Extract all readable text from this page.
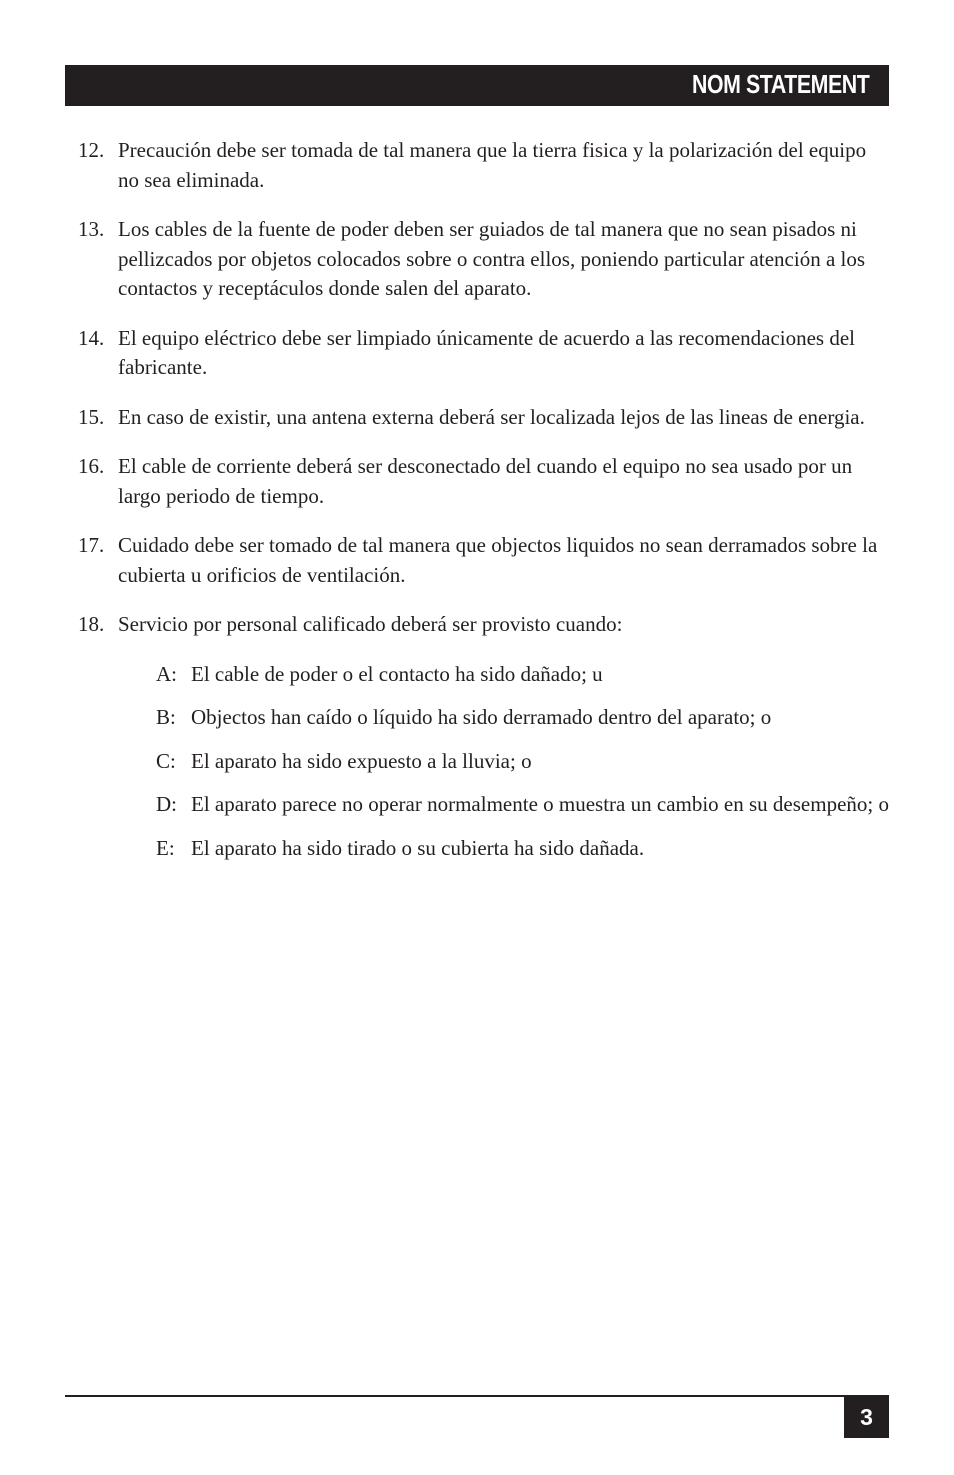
NOM STATEMENT
12. Precaución debe ser tomada de tal manera que la tierra fisica y la polarización del equipo no sea eliminada.
13. Los cables de la fuente de poder deben ser guiados de tal manera que no sean pisados ni pellizcados por objetos colocados sobre o contra ellos, poniendo particular atención a los contactos y receptáculos donde salen del aparato.
14. El equipo eléctrico debe ser limpiado únicamente de acuerdo a las recomendaciones del fabricante.
15. En caso de existir, una antena externa deberá ser localizada lejos de las lineas de energia.
16. El cable de corriente deberá ser desconectado del cuando el equipo no sea usado por un largo periodo de tiempo.
17. Cuidado debe ser tomado de tal manera que objectos liquidos no sean derramados sobre la cubierta u orificios de ventilación.
18. Servicio por personal calificado deberá ser provisto cuando:
A: El cable de poder o el contacto ha sido dañado; u
B: Objectos han caído o líquido ha sido derramado dentro del aparato; o
C: El aparato ha sido expuesto a la lluvia; o
D: El aparato parece no operar normalmente o muestra un cambio en su desempeño; o
E: El aparato ha sido tirado o su cubierta ha sido dañada.
3
